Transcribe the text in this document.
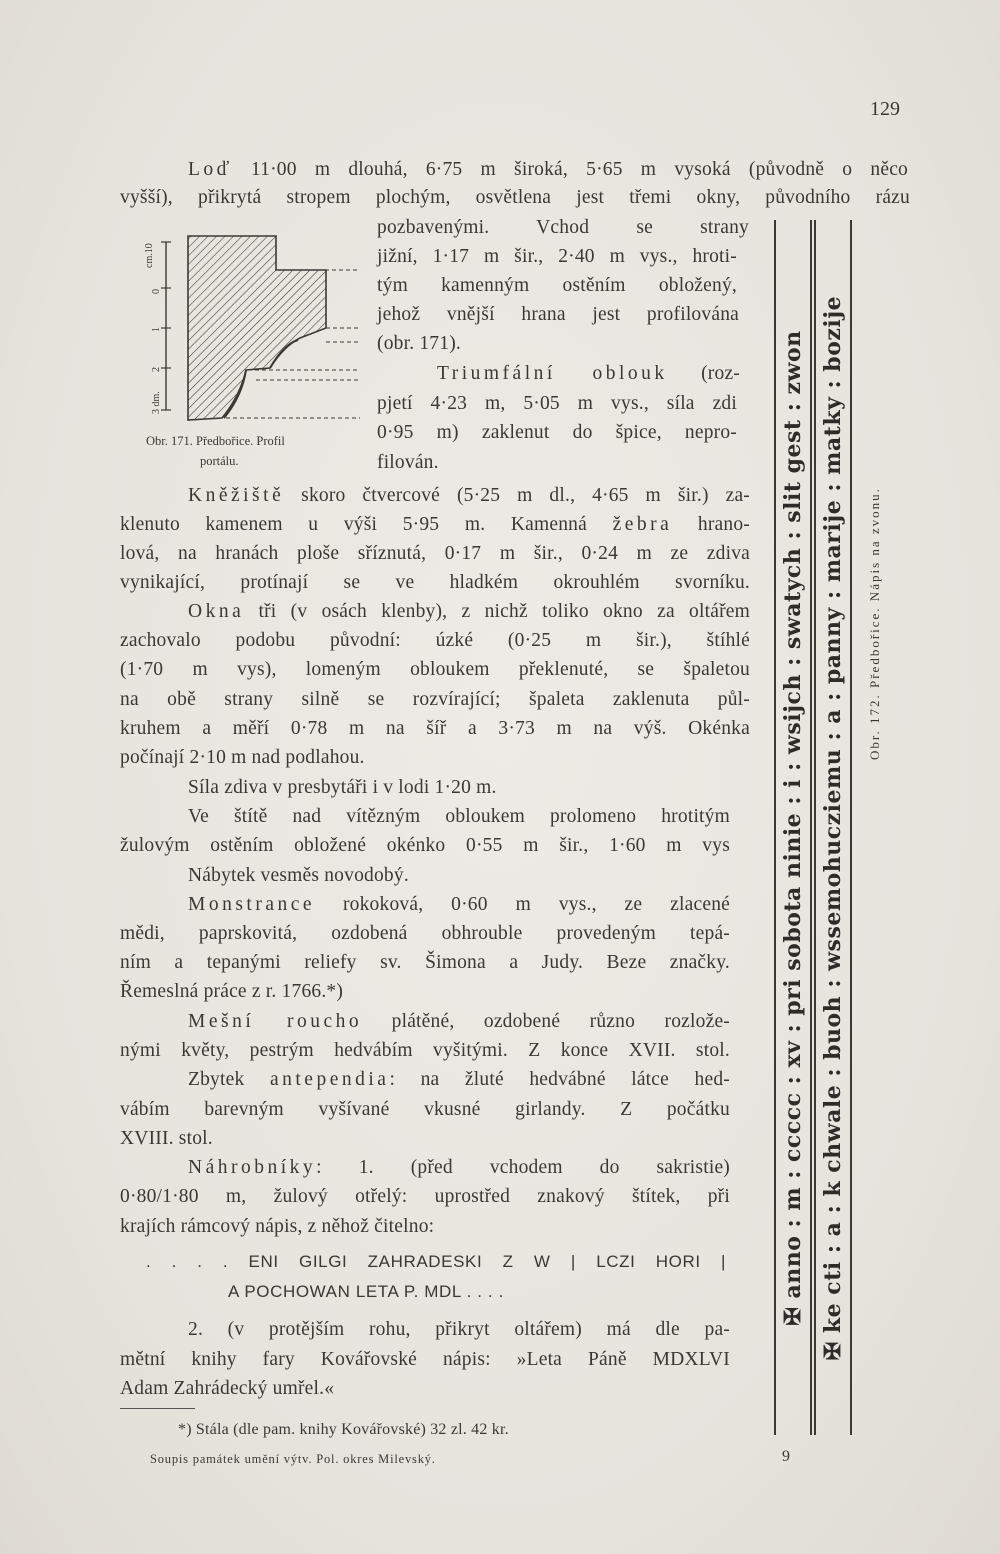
129
Loď 11·00 m dlouhá, 6·75 m široká, 5·65 m vysoká (původně o něco
vyšší), přikrytá stropem plochým, osvětlena jest třemi okny, původního rázu
pozbavenými. Vchod se strany
jižní, 1·17 m šir., 2·40 m vys., hroti-
tým kamenným ostěním obložený,
jehož vnější hrana jest profilována
(obr. 171).
Triumfální oblouk (roz-
pjetí 4·23 m, 5·05 m vys., síla zdi
0·95 m) zaklenut do špice, nepro-
filován.
Kněžiště skoro čtvercové (5·25 m dl., 4·65 m šir.) za-
klenuto kamenem u výši 5·95 m. Kamenná žebra hrano-
lová, na hranách ploše sříznutá, 0·17 m šir., 0·24 m ze zdiva
vynikající, protínají se ve hladkém okrouhlém svorníku.
Okna tři (v osách klenby), z nichž toliko okno za oltářem
zachovalo podobu původní: úzké (0·25 m šir.), štíhlé
(1·70 m vys), lomeným obloukem překlenuté, se špaletou
na obě strany silně se rozvírající; špaleta zaklenuta půl-
kruhem a měří 0·78 m na šíř a 3·73 m na výš. Okénka
počínají 2·10 m nad podlahou.
Síla zdiva v presbytáři i v lodi 1·20 m.
Ve štítě nad vítězným obloukem prolomeno hrotitým
žulovým ostěním obložené okénko 0·55 m šir., 1·60 m vys
Nábytek vesměs novodobý.
Monstrance rokoková, 0·60 m vys., ze zlacené
mědi, paprskovitá, ozdobená obhrouble provedeným tepá-
ním a tepanými reliefy sv. Šimona a Judy. Beze značky.
Řemeslná práce z r. 1766.*)
Mešní roucho plátěné, ozdobené různo rozlože-
nými květy, pestrým hedvábím vyšitými. Z konce XVII. stol.
Zbytek antependia: na žluté hedvábné látce hed-
vábím barevným vyšívané vkusné girlandy. Z počátku
XVIII. stol.
Náhrobníky: 1. (před vchodem do sakristie)
0·80/1·80 m, žulový otřelý: uprostřed znakový štítek, při
krajích rámcový nápis, z něhož čitelno:
. . . . ENI GILGI ZAHRADESKI Z W | LCZI HORI |
A POCHOWAN LETA P. MDL . . . .
2. (v protějším rohu, přikryt oltářem) má dle pa-
mětní knihy fary Kovářovské nápis: »Leta Páně MDXLVI
Adam Zahrádecký umřel.«
cm.10
0
1
2
3 dm.
Obr. 171. Předbořice. Profil
portálu.	✠ anno : m : ccccc : xv : pri sobota ninie : i : wsijch : swatych : slit gest : zwon ✠ ke cti : a : k chwale : buoh : wssemohucziemu : a : panny : marije : matky : bozije Obr. 172. Předbořice. Nápis na zvonu.
*) Stála (dle pam. knihy Kovářovské) 32 zl. 42 kr.
Soupis památek umění výtv. Pol. okres Milevský.	9
